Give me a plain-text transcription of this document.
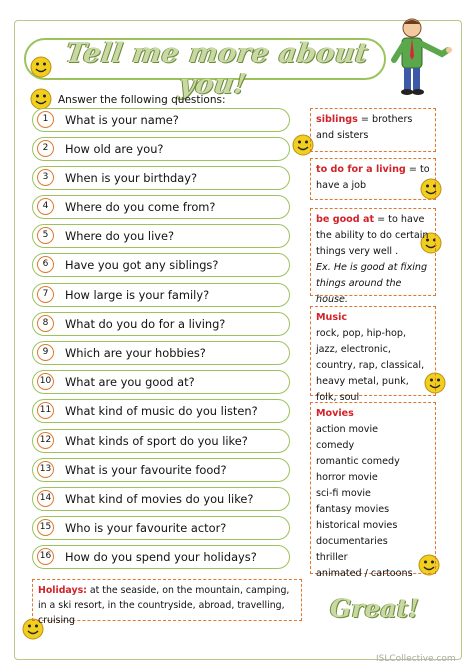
Tell me more about you!
Answer the following questions:
1	What is your name?
2	How old are you?
3	When is your birthday?
4	Where do you come from?
5	Where do you live?
6	Have you got any siblings?
7	How large is your family?
8	What do you do for a living?
9	Which are your hobbies?
10 What are you good at?
11 What kind of music do you listen?
12 What kinds of sport do you like?
13 What is your favourite food?
14 What kind of movies do you like?
15 Who is your favourite actor?
16 How do you spend your holidays?
siblings = brothers and sisters
to do for a living = to have a job
be good at = to have the ability to do certain things very well .
Ex. He is good at fixing things around the house.
Music
rock, pop, hip-hop, jazz, electronic, country, rap, classical, heavy metal, punk, folk, soul
Movies
action movie
comedy
romantic comedy
horror movie
sci-fi movie
fantasy movies
historical movies
documentaries
thriller
animated / cartoons
Holidays: at the seaside, on the mountain, camping, in a ski resort, in the countryside, abroad, travelling, cruising	Great!
ISLCollective.com
